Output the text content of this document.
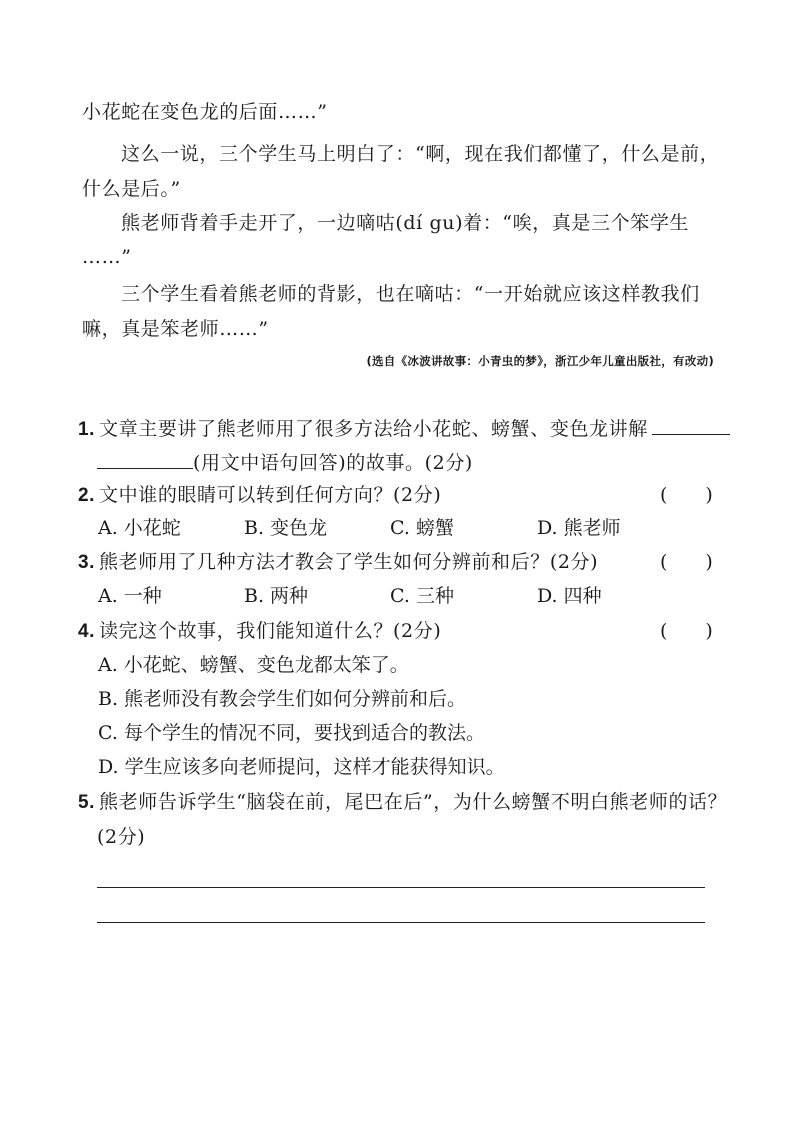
小花蛇在变色龙的后面……”
这么一说，三个学生马上明白了：“啊，现在我们都懂了，什么是前，
什么是后。”
熊老师背着手走开了，一边嘀咕(dí gu)着：“唉，真是三个笨学生
……”
三个学生看着熊老师的背影，也在嘀咕：“一开始就应该这样教我们
嘛，真是笨老师……”
(选自《冰波讲故事：小青虫的梦》，浙江少年儿童出版社，有改动)
1. 文章主要讲了熊老师用了很多方法给小花蛇、螃蟹、变色龙讲解
(用文中语句回答)的故事。(2分)
2. 文中谁的眼睛可以转到任何方向？(2分)	(　　)
A. 小花蛇	B. 变色龙	C. 螃蟹	D. 熊老师
3. 熊老师用了几种方法才教会了学生如何分辨前和后？(2分)	(　　)
A. 一种	B. 两种	C. 三种	D. 四种
4. 读完这个故事，我们能知道什么？(2分)	(　　)
A. 小花蛇、螃蟹、变色龙都太笨了。
B. 熊老师没有教会学生们如何分辨前和后。
C. 每个学生的情况不同，要找到适合的教法。
D. 学生应该多向老师提问，这样才能获得知识。
5. 熊老师告诉学生“脑袋在前，尾巴在后”，为什么螃蟹不明白熊老师的话？
(2分)
